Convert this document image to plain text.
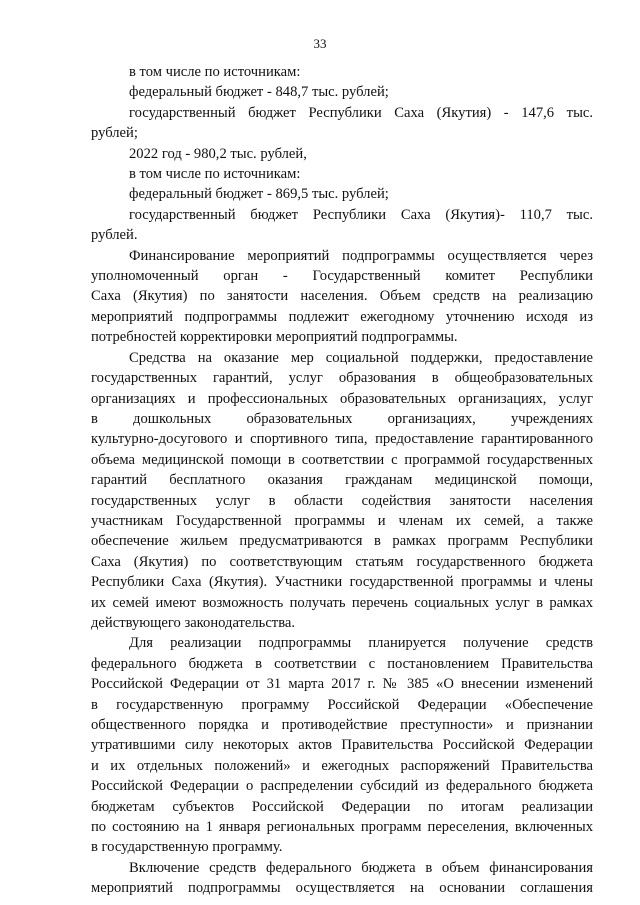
33
в том числе по источникам:
федеральный бюджет - 848,7 тыс. рублей;
государственный бюджет Республики Саха (Якутия) - 147,6 тыс.
рублей;
2022 год - 980,2 тыс. рублей,
в том числе по источникам:
федеральный бюджет - 869,5 тыс. рублей;
государственный бюджет Республики Саха (Якутия)- 110,7 тыс.
рублей.
Финансирование мероприятий подпрограммы осуществляется через
уполномоченный орган - Государственный комитет Республики
Саха (Якутия) по занятости населения. Объем средств на реализацию
мероприятий подпрограммы подлежит ежегодному уточнению исходя из
потребностей корректировки мероприятий подпрограммы.
Средства на оказание мер социальной поддержки, предоставление
государственных гарантий, услуг образования в общеобразовательных
организациях и профессиональных образовательных организациях, услуг
в дошкольных образовательных организациях, учреждениях
культурно-досугового и спортивного типа, предоставление гарантированного
объема медицинской помощи в соответствии с программой государственных
гарантий бесплатного оказания гражданам медицинской помощи,
государственных услуг в области содействия занятости населения
участникам Государственной программы и членам их семей, а также
обеспечение жильем предусматриваются в рамках программ Республики
Саха (Якутия) по соответствующим статьям государственного бюджета
Республики Саха (Якутия). Участники государственной программы и члены
их семей имеют возможность получать перечень социальных услуг в рамках
действующего законодательства.
Для реализации подпрограммы планируется получение средств
федерального бюджета в соответствии с постановлением Правительства
Российской Федерации от 31 марта 2017 г. № 385 «О внесении изменений
в государственную программу Российской Федерации «Обеспечение
общественного порядка и противодействие преступности» и признании
утратившими силу некоторых актов Правительства Российской Федерации
и их отдельных положений» и ежегодных распоряжений Правительства
Российской Федерации о распределении субсидий из федерального бюджета
бюджетам субъектов Российской Федерации по итогам реализации
по состоянию на 1 января региональных программ переселения, включенных
в государственную программу.
Включение средств федерального бюджета в объем финансирования
мероприятий подпрограммы осуществляется на основании соглашения
